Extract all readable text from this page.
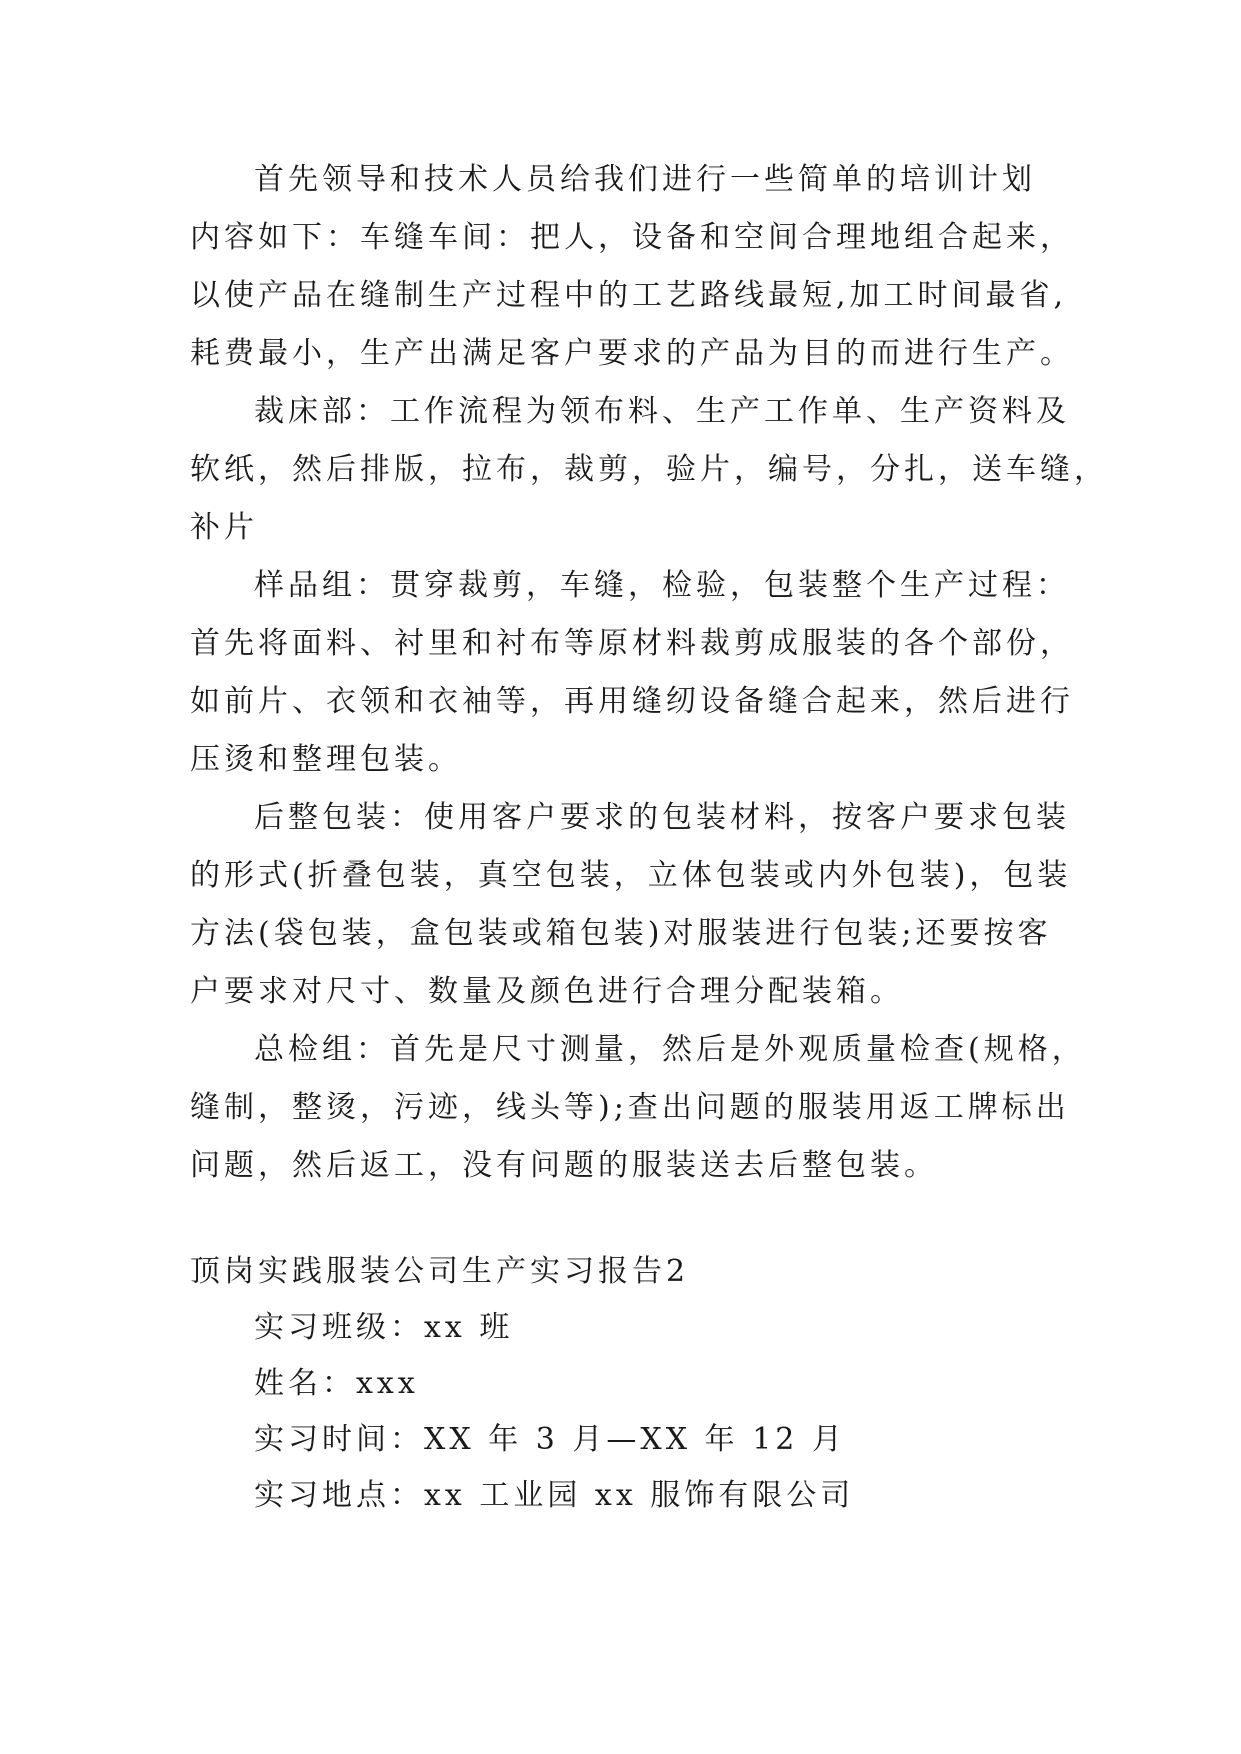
首先领导和技术人员给我们进行一些简单的培训计划
内容如下：车缝车间：把人，设备和空间合理地组合起来，
以使产品在缝制生产过程中的工艺路线最短,加工时间最省,
耗费最小，生产出满足客户要求的产品为目的而进行生产。
裁床部：工作流程为领布料、生产工作单、生产资料及
软纸，然后排版，拉布，裁剪，验片，编号，分扎，送车缝，
补片
样品组：贯穿裁剪，车缝，检验，包装整个生产过程：
首先将面料、衬里和衬布等原材料裁剪成服装的各个部份，
如前片、衣领和衣袖等，再用缝纫设备缝合起来，然后进行
压烫和整理包装。
后整包装：使用客户要求的包装材料，按客户要求包装
的形式(折叠包装，真空包装，立体包装或内外包装)，包装
方法(袋包装，盒包装或箱包装)对服装进行包装;还要按客
户要求对尺寸、数量及颜色进行合理分配装箱。
总检组：首先是尺寸测量，然后是外观质量检查(规格，
缝制，整烫，污迹，线头等);查出问题的服装用返工牌标出
问题，然后返工，没有问题的服装送去后整包装。
顶岗实践服装公司生产实习报告2
实习班级：xx 班
姓名：xxx
实习时间：XX 年 3 月—XX 年 12 月
实习地点：xx 工业园 xx 服饰有限公司
